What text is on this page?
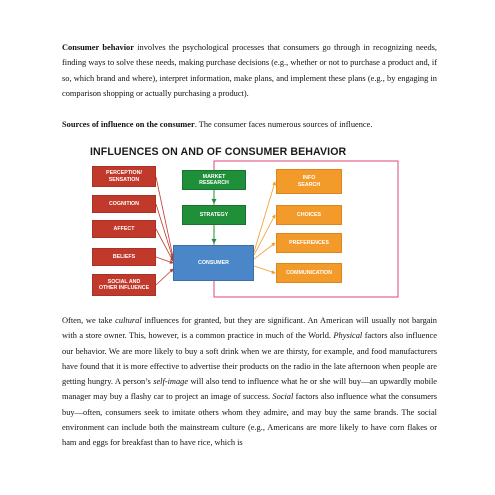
Consumer behavior involves the psychological processes that consumers go through in recognizing needs, finding ways to solve these needs, making purchase decisions (e.g., whether or not to purchase a product and, if so, which brand and where), interpret information, make plans, and implement these plans (e.g., by engaging in comparison shopping or actually purchasing a product).

Sources of influence on the consumer. The consumer faces numerous sources of influence.

INFLUENCES ON AND OF CONSUMER BEHAVIOR
PERCEPTION/
SENSATION
COGNITION
AFFECT
BELIEFS
SOCIAL AND
OTHER INFLUENCE
MARKET
RESEARCH
STRATEGY
CONSUMER
INFO
SEARCH
CHOICES
PREFERENCES
COMMUNICATION

Often, we take cultural influences for granted, but they are significant. An American will usually not bargain with a store owner. This, however, is a common practice in much of the World. Physical factors also influence our behavior. We are more likely to buy a soft drink when we are thirsty, for example, and food manufacturers have found that it is more effective to advertise their products on the radio in the late afternoon when people are getting hungry. A person’s self-image will also tend to influence what he or she will buy—an upwardly mobile manager may buy a flashy car to project an image of success. Social factors also influence what the consumers buy—often, consumers seek to imitate others whom they admire, and may buy the same brands. The social environment can include both the mainstream culture (e.g., Americans are more likely to have corn flakes or ham and eggs for breakfast than to have rice, which is
